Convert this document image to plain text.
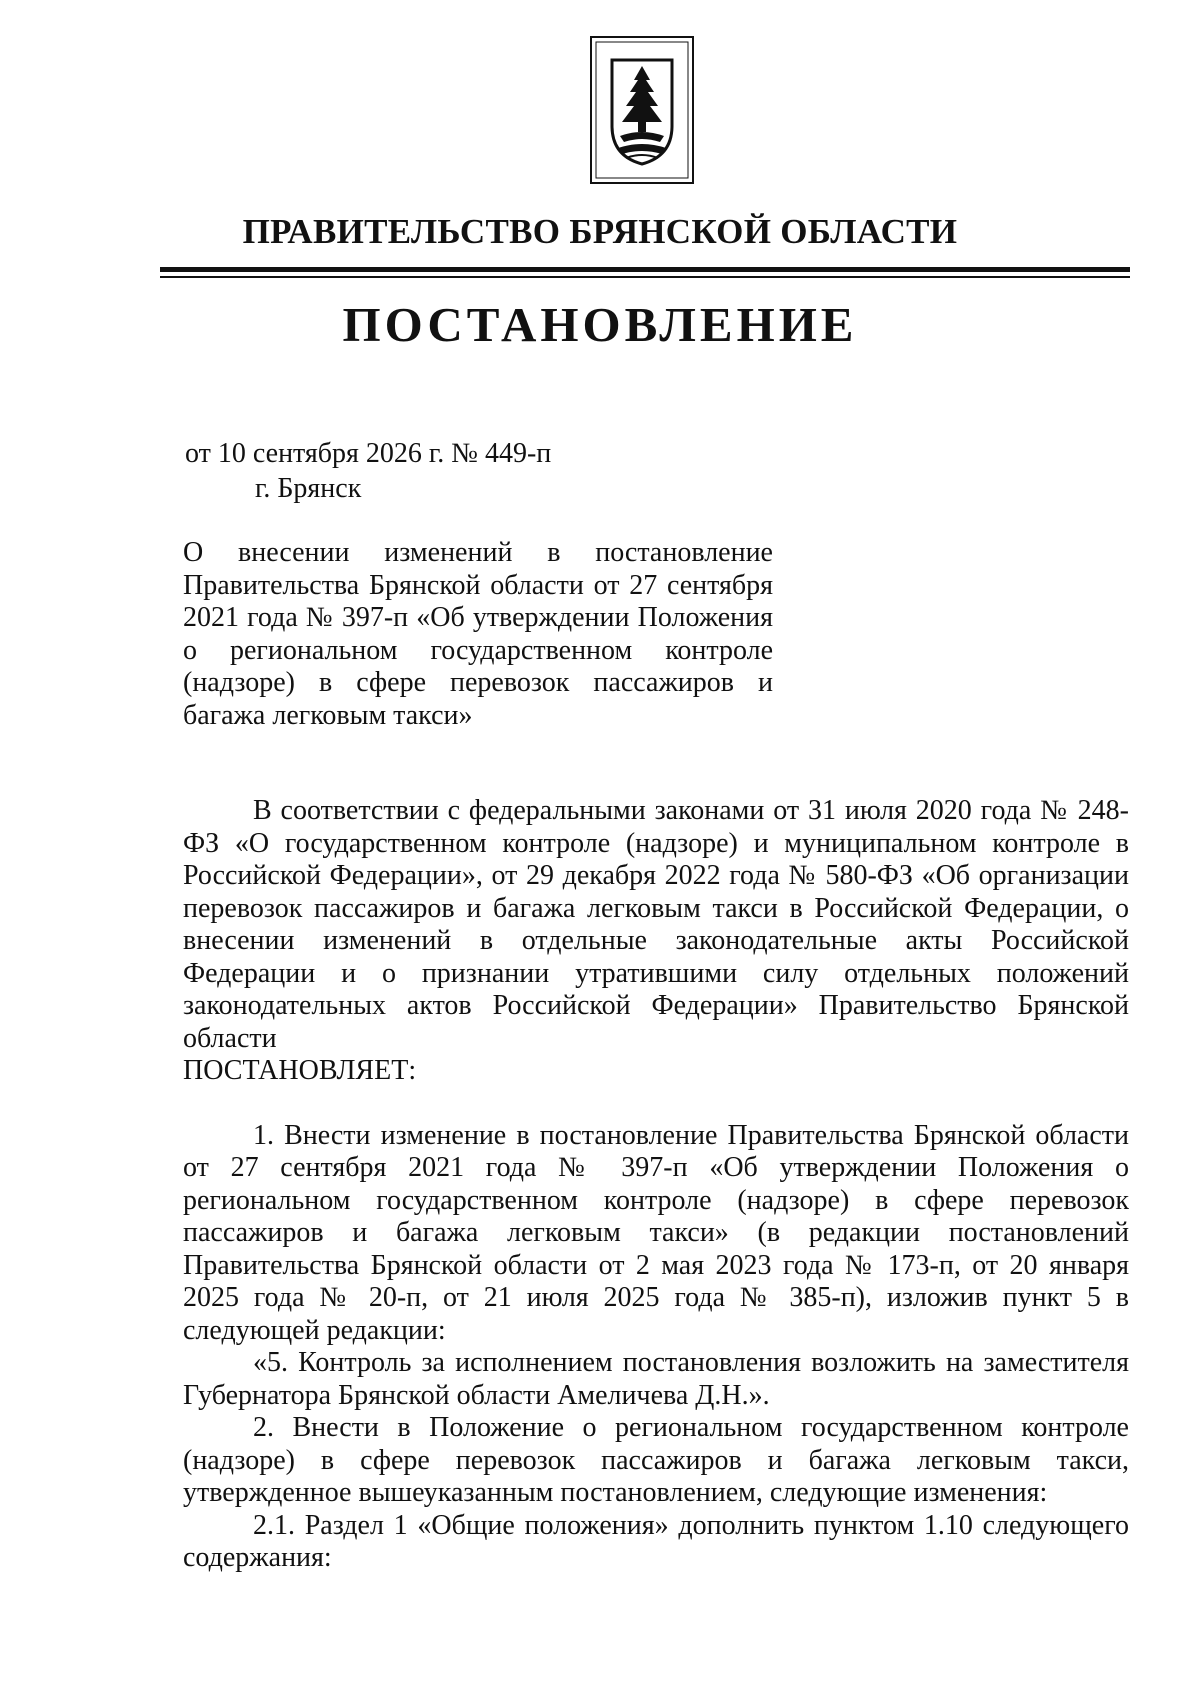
ПРАВИТЕЛЬСТВО БРЯНСКОЙ ОБЛАСТИ
ПОСТАНОВЛЕНИЕ
от 10 сентября 2026 г. № 449-п
г. Брянск
О внесении изменений в постановление Правительства Брянской области от 27 сентября 2021 года № 397-п «Об утверждении Положения о региональном государственном контроле (надзоре) в сфере перевозок пассажиров и багажа легковым такси»

В соответствии с федеральными законами от 31 июля 2020 года № 248-ФЗ «О государственном контроле (надзоре) и муниципальном контроле в Российской Федерации», от 29 декабря 2022 года № 580-ФЗ «Об организации перевозок пассажиров и багажа легковым такси в Российской Федерации, о внесении изменений в отдельные законодательные акты Российской Федерации и о признании утратившими силу отдельных положений законодательных актов Российской Федерации» Правительство Брянской области

ПОСТАНОВЛЯЕТ:

1. Внести изменение в постановление Правительства Брянской области от 27 сентября 2021 года № 397-п «Об утверждении Положения о региональном государственном контроле (надзоре) в сфере перевозок пассажиров и багажа легковым такси» (в редакции постановлений Правительства Брянской области от 2 мая 2023 года № 173-п, от 20 января 2025 года № 20-п, от 21 июля 2025 года № 385-п), изложив пункт 5 в следующей редакции:

«5. Контроль за исполнением постановления возложить на заместителя Губернатора Брянской области Амеличева Д.Н.».

2. Внести в Положение о региональном государственном контроле (надзоре) в сфере перевозок пассажиров и багажа легковым такси, утвержденное вышеуказанным постановлением, следующие изменения:

2.1. Раздел 1 «Общие положения» дополнить пунктом 1.10 следующего содержания:
